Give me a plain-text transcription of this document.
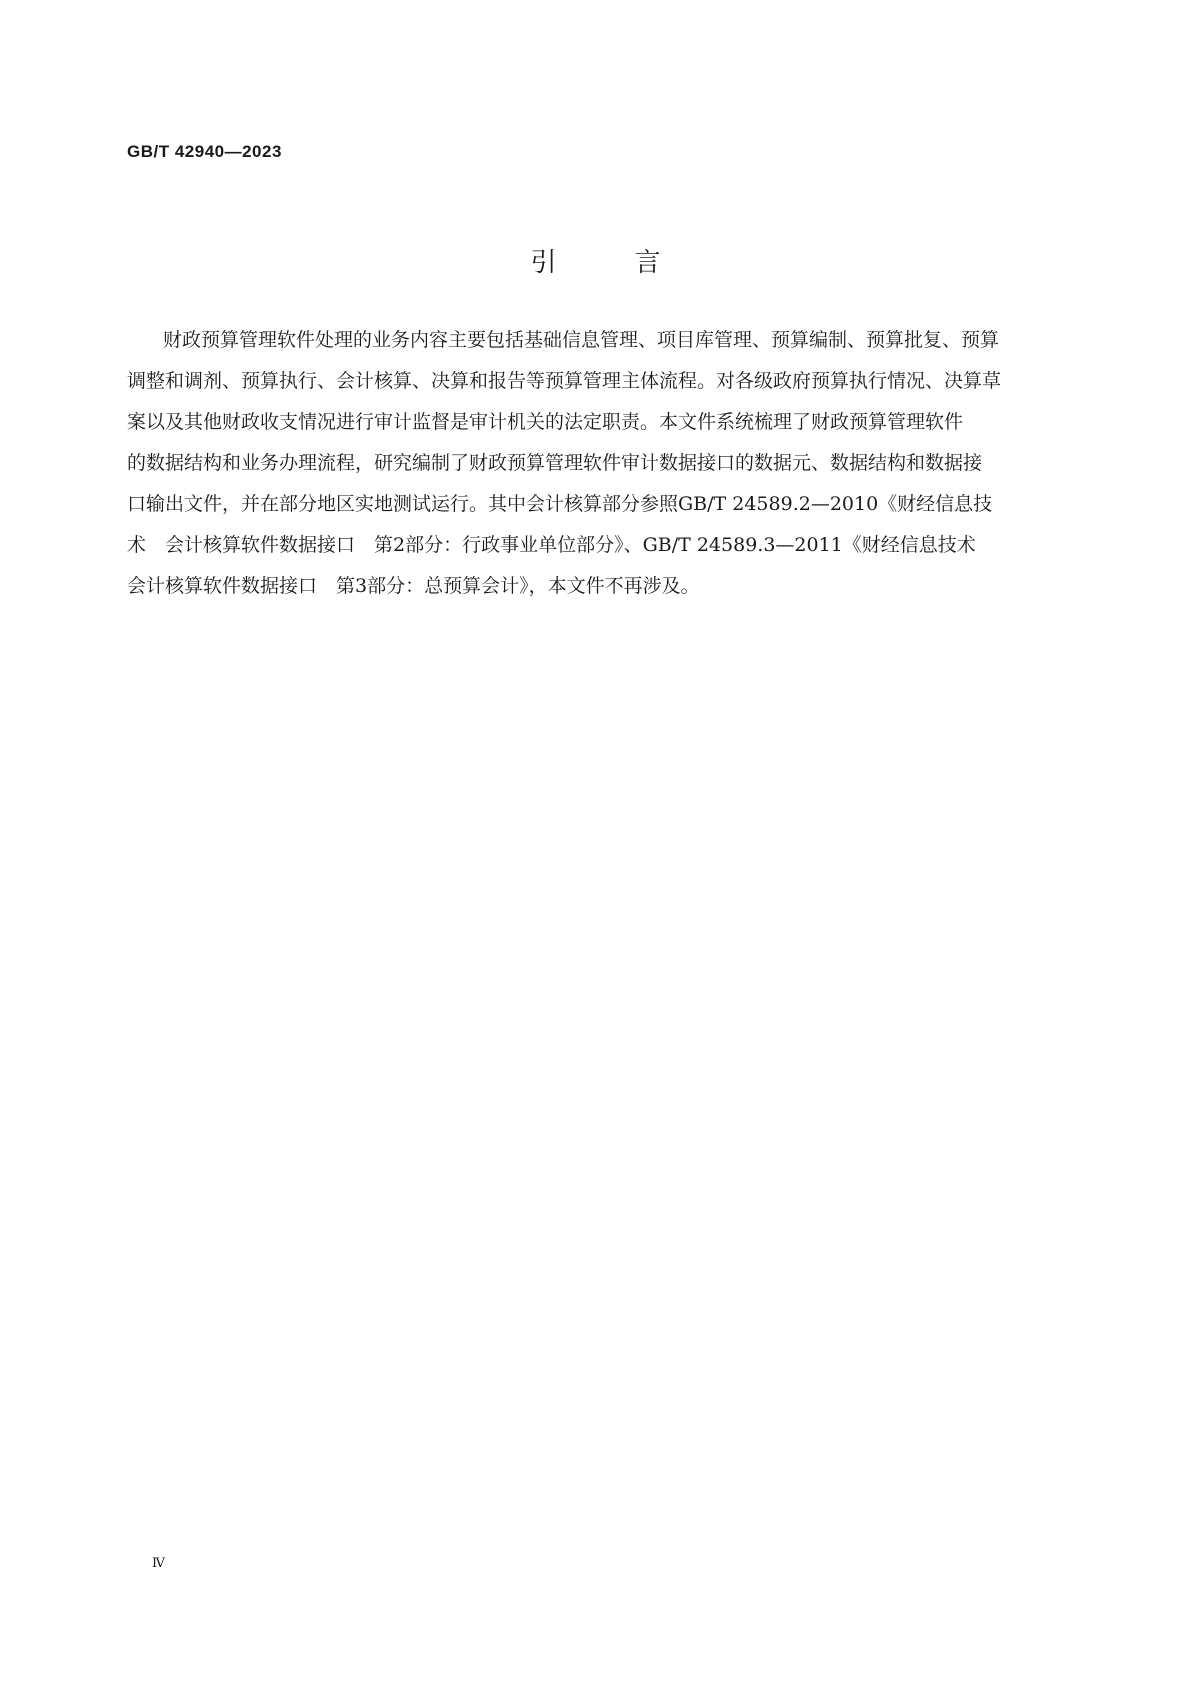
GB/T 42940—2023
引　　　言
财政预算管理软件处理的业务内容主要包括基础信息管理、项目库管理、预算编制、预算批复、预算
调整和调剂、预算执行、会计核算、决算和报告等预算管理主体流程。对各级政府预算执行情况、决算草
案以及其他财政收支情况进行审计监督是审计机关的法定职责。本文件系统梳理了财政预算管理软件
的数据结构和业务办理流程，研究编制了财政预算管理软件审计数据接口的数据元、数据结构和数据接
口输出文件，并在部分地区实地测试运行。其中会计核算部分参照GB/T 24589.2—2010《财经信息技
术　会计核算软件数据接口　第2部分：行政事业单位部分》、GB/T 24589.3—2011《财经信息技术
会计核算软件数据接口　第3部分：总预算会计》，本文件不再涉及。
Ⅳ
